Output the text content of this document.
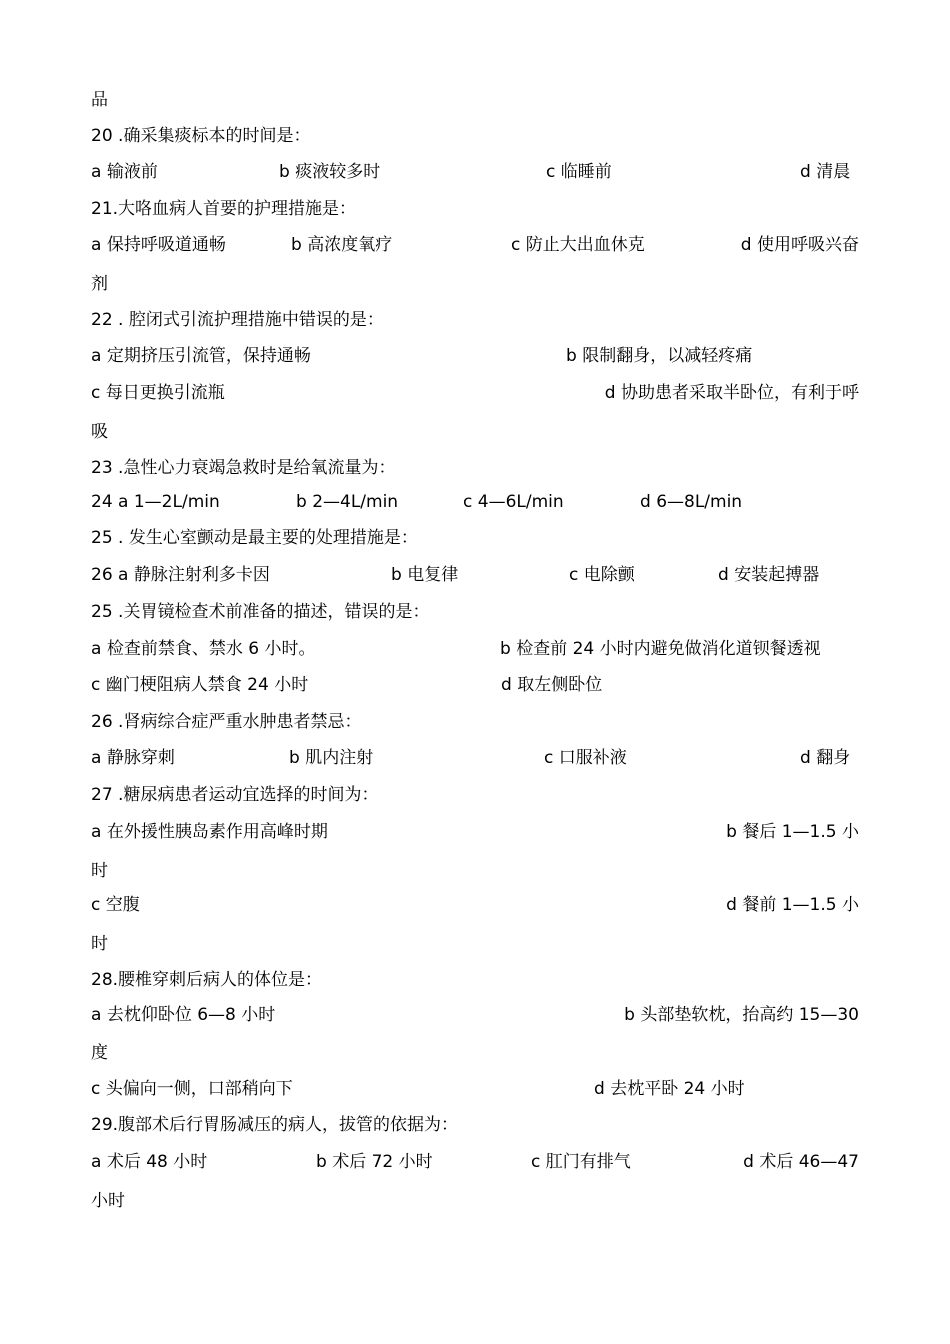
品
20 .确采集痰标本的时间是：
a 输液前	b 痰液较多时	c 临睡前	d 清晨
21.大咯血病人首要的护理措施是：
a 保持呼吸道通畅	b 高浓度氧疗	c 防止大出血休克	d 使用呼吸兴奋
剂
22 . 腔闭式引流护理措施中错误的是：
a 定期挤压引流管，保持通畅	b 限制翻身，以减轻疼痛
c 每日更换引流瓶	d 协助患者采取半卧位，有利于呼
吸
23 .急性心力衰竭急救时是给氧流量为：
24 a 1—2L/min	b 2—4L/min	c 4—6L/min	d 6—8L/min
25 . 发生心室颤动是最主要的处理措施是：
26 a 静脉注射利多卡因	b 电复律	c 电除颤	d 安装起搏器
25 .关胃镜检查术前准备的描述，错误的是：
a 检查前禁食、禁水 6 小时。	b 检查前 24 小时内避免做消化道钡餐透视
c 幽门梗阻病人禁食 24 小时	d 取左侧卧位
26 .肾病综合症严重水肿患者禁忌：
a 静脉穿刺	b 肌内注射	c 口服补液	d 翻身
27 .糖尿病患者运动宜选择的时间为：
a 在外援性胰岛素作用高峰时期	b 餐后 1—1.5 小
时
c 空腹	d 餐前 1—1.5 小
时
28.腰椎穿刺后病人的体位是：
a 去枕仰卧位 6—8 小时	b 头部垫软枕，抬高约 15—30
度
c 头偏向一侧，口部稍向下	d 去枕平卧 24 小时
29.腹部术后行胃肠减压的病人，拔管的依据为：
a 术后 48 小时	b 术后 72 小时	c 肛门有排气	d 术后 46—47
小时
